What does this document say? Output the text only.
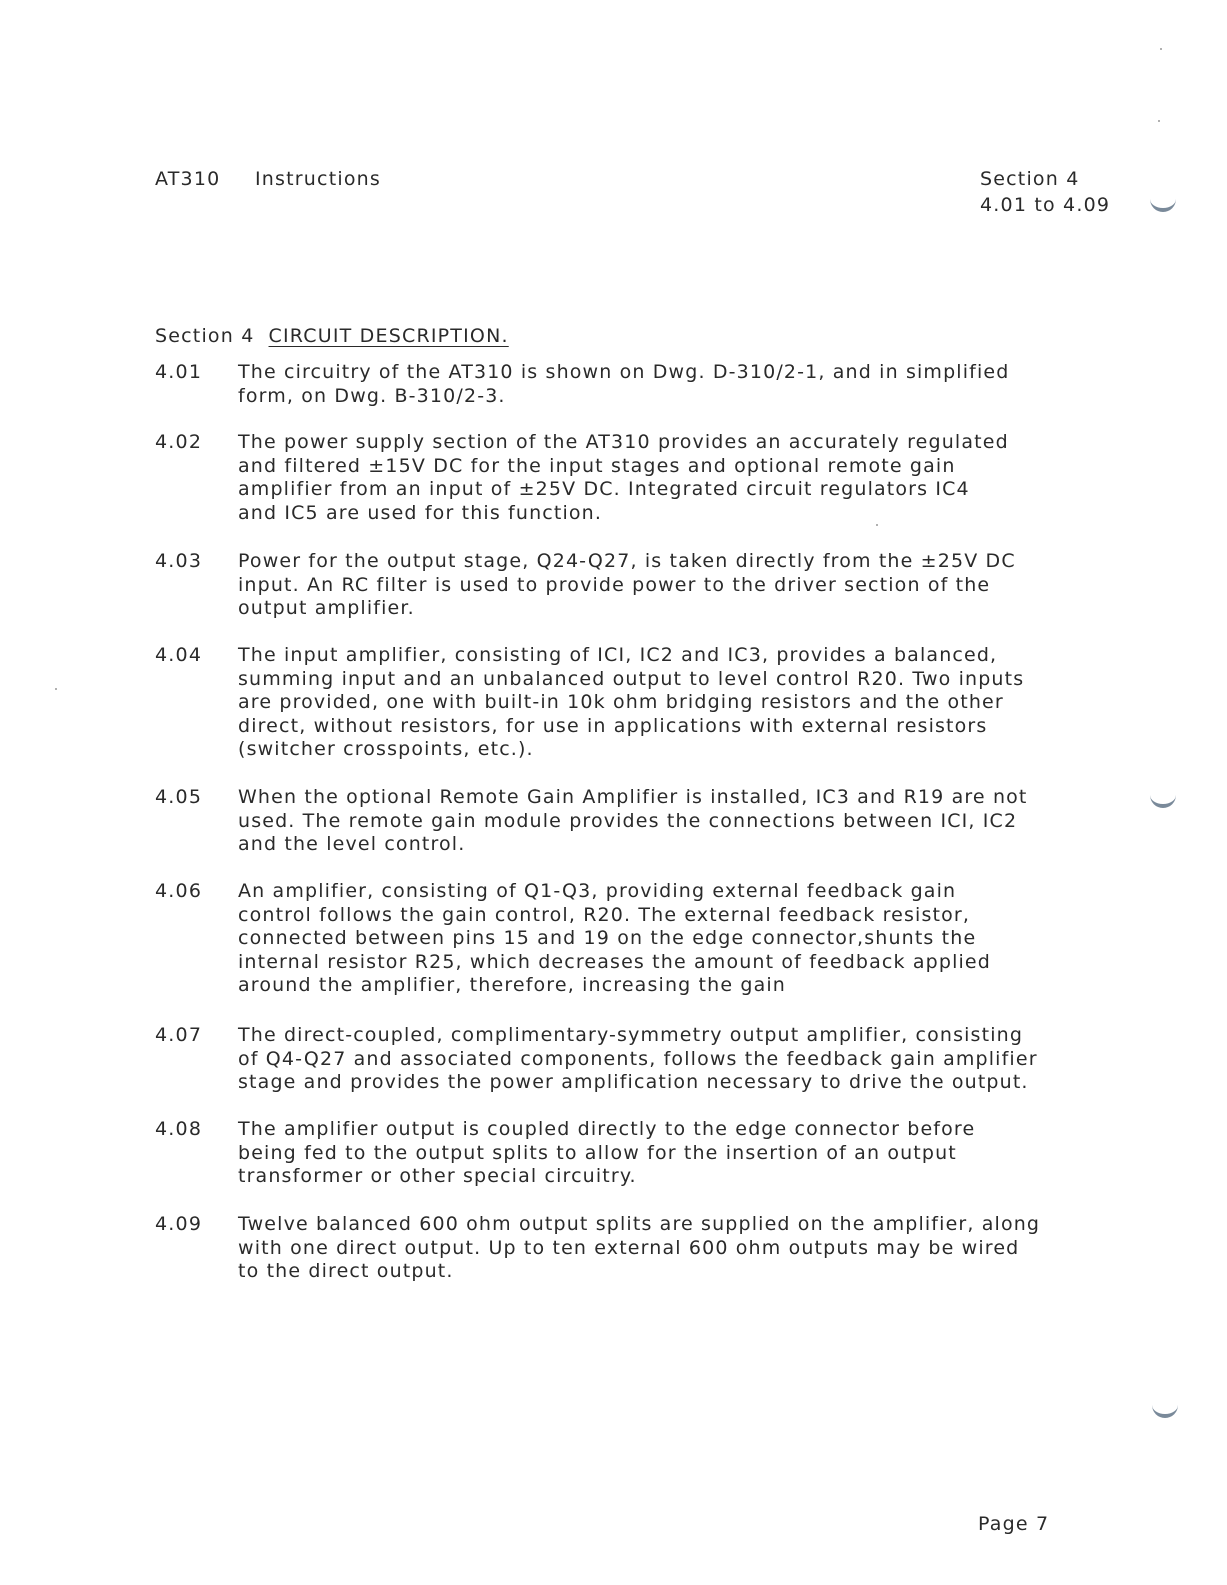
AT310 Instructions	Section 4
4.01 to 4.09
Section 4 CIRCUIT DESCRIPTION.
4.01 The circuitry of the AT310 is shown on Dwg. D-310/2-1, and in simplified
form, on Dwg. B-310/2-3.
4.02 The power supply section of the AT310 provides an accurately regulated
and filtered ±15V DC for the input stages and optional remote gain
amplifier from an input of ±25V DC. Integrated circuit regulators IC4
and IC5 are used for this function.
4.03 Power for the output stage, Q24-Q27, is taken directly from the ±25V DC
input. An RC filter is used to provide power to the driver section of the
output amplifier.
4.04 The input amplifier, consisting of ICI, IC2 and IC3, provides a balanced,
summing input and an unbalanced output to level control R20. Two inputs
are provided, one with built-in 10k ohm bridging resistors and the other
direct, without resistors, for use in applications with external resistors
(switcher crosspoints, etc.).
4.05 When the optional Remote Gain Amplifier is installed, IC3 and R19 are not
used. The remote gain module provides the connections between ICI, IC2
and the level control.
4.06 An amplifier, consisting of Q1-Q3, providing external feedback gain
control follows the gain control, R20. The external feedback resistor,
connected between pins 15 and 19 on the edge connector,shunts the
internal resistor R25, which decreases the amount of feedback applied
around the amplifier, therefore, increasing the gain
4.07 The direct-coupled, complimentary-symmetry output amplifier, consisting
of Q4-Q27 and associated components, follows the feedback gain amplifier
stage and provides the power amplification necessary to drive the output.
4.08 The amplifier output is coupled directly to the edge connector before
being fed to the output splits to allow for the insertion of an output
transformer or other special circuitry.
4.09 Twelve balanced 600 ohm output splits are supplied on the amplifier, along
with one direct output. Up to ten external 600 ohm outputs may be wired
to the direct output.
Page 7
